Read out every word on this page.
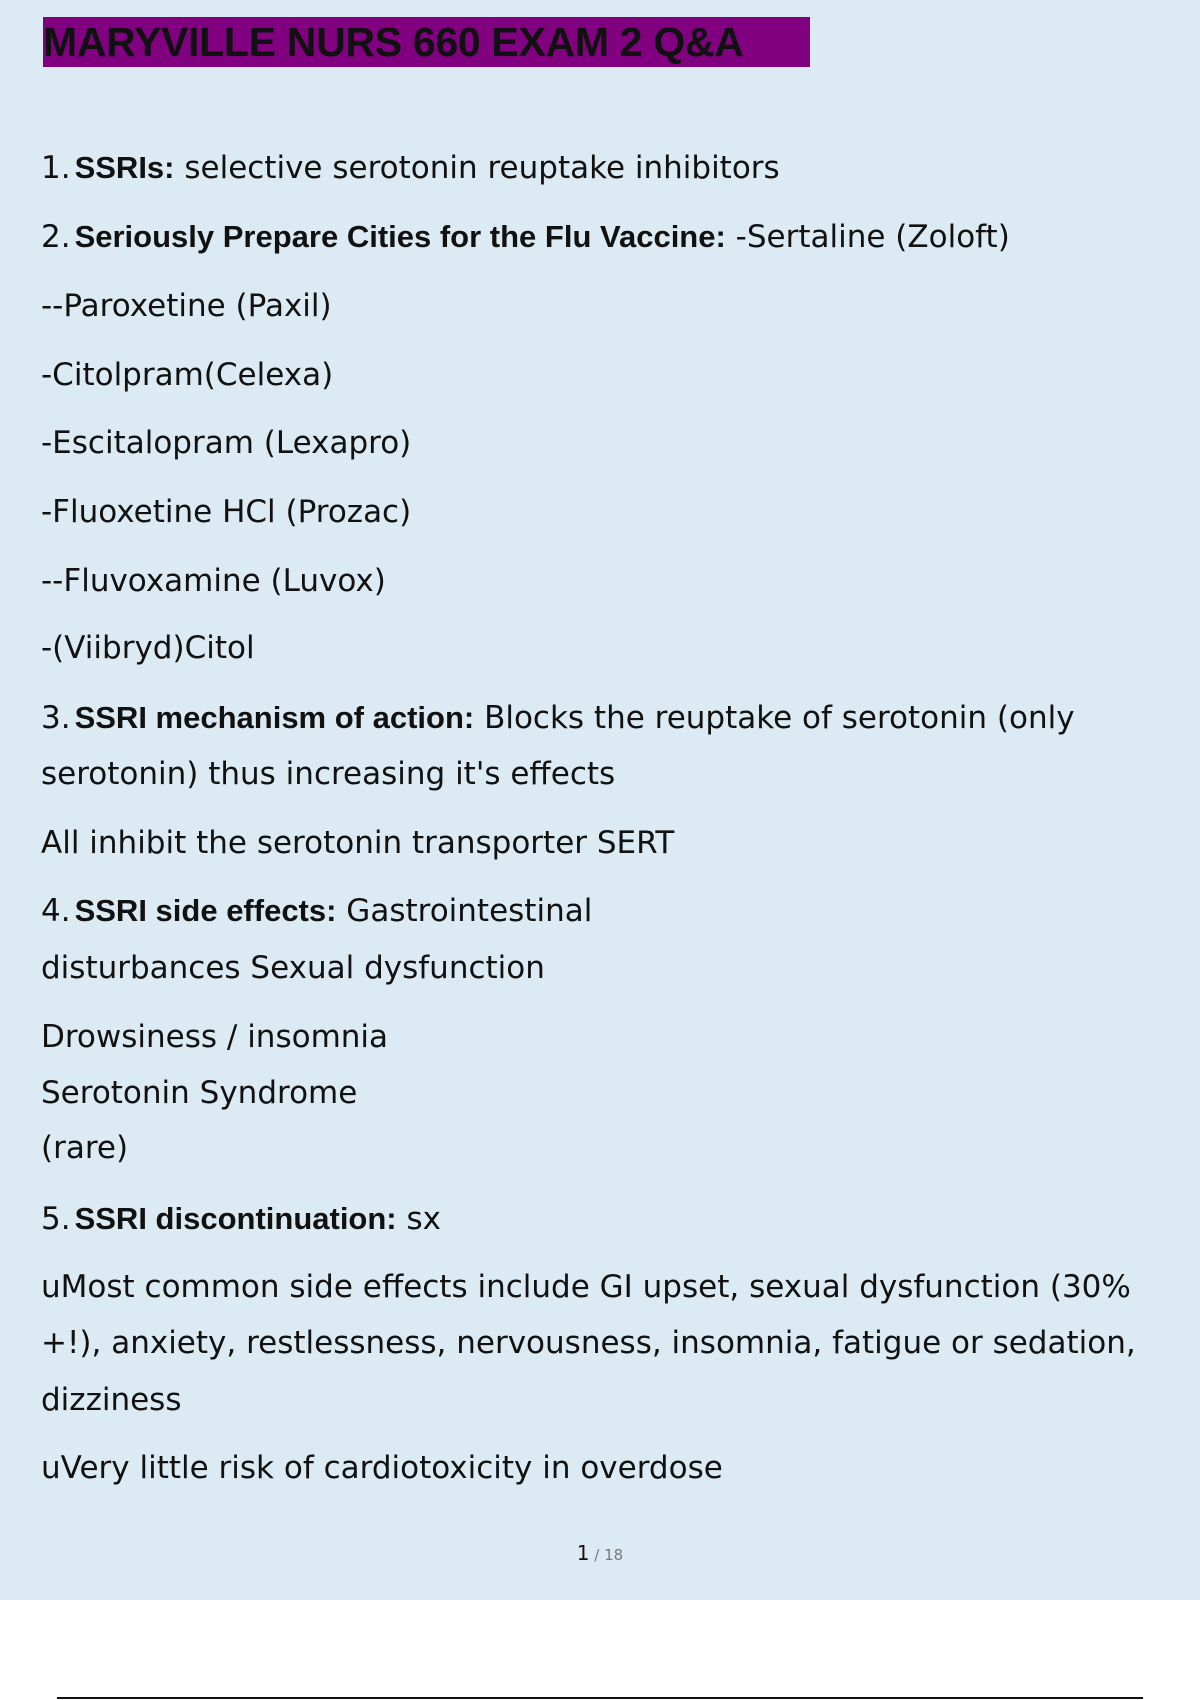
MARYVILLE NURS 660 EXAM 2 Q&A
1. SSRIs: selective serotonin reuptake inhibitors
2. Seriously Prepare Cities for the Flu Vaccine: -Sertaline (Zoloft)
--Paroxetine (Paxil)
-Citolpram(Celexa)
-Escitalopram (Lexapro)
-Fluoxetine HCl (Prozac)
--Fluvoxamine (Luvox)
-(Viibryd)Citol
3. SSRI mechanism of action: Blocks the reuptake of serotonin (only
serotonin) thus increasing it's effects
All inhibit the serotonin transporter SERT
4. SSRI side effects: Gastrointestinal
disturbances Sexual dysfunction
Drowsiness / insomnia
Serotonin Syndrome
(rare)
5. SSRI discontinuation: sx
uMost common side effects include GI upset, sexual dysfunction (30%
+!), anxiety, restlessness, nervousness, insomnia, fatigue or sedation,
dizziness
uVery little risk of cardiotoxicity in overdose
1 / 18
